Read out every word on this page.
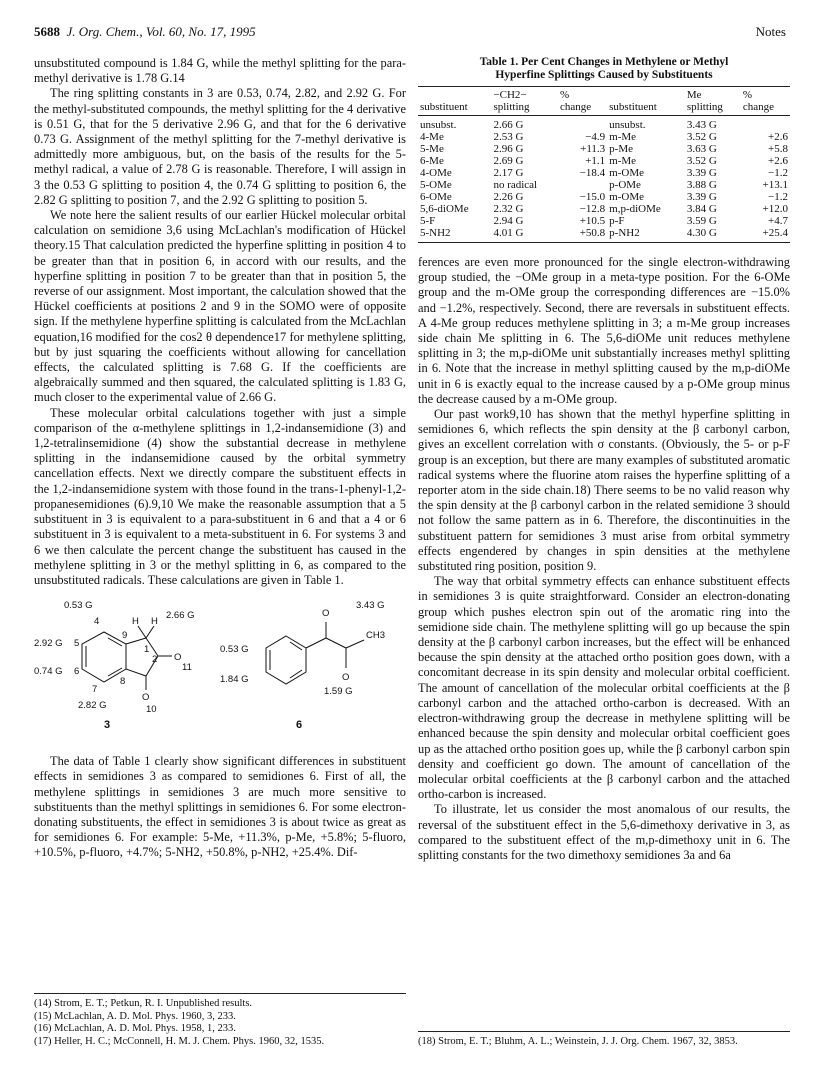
5688 J. Org. Chem., Vol. 60, No. 17, 1995	Notes

unsubstituted compound is 1.84 G, while the methyl splitting for the para-methyl derivative is 1.78 G.14

The ring splitting constants in 3 are 0.53, 0.74, 2.82, and 2.92 G. For the methyl-substituted compounds, the methyl splitting for the 4 derivative is 0.51 G, that for the 5 derivative 2.96 G, and that for the 6 derivative 0.73 G. Assignment of the methyl splitting for the 7-methyl derivative is admittedly more ambiguous, but, on the basis of the results for the 5-methyl radical, a value of 2.78 G is reasonable. Therefore, I will assign in 3 the 0.53 G splitting to position 4, the 0.74 G splitting to position 6, the 2.82 G splitting to position 7, and the 2.92 G splitting to position 5.

We note here the salient results of our earlier Hückel molecular orbital calculation on semidione 3,6 using McLachlan's modification of Hückel theory.15 That calculation predicted the hyperfine splitting in position 4 to be greater than that in position 6, in accord with our results, and the hyperfine splitting in position 7 to be greater than that in position 5, the reverse of our assignment. Most important, the calculation showed that the Hückel coefficients at positions 2 and 9 in the SOMO were of opposite sign. If the methylene hyperfine splitting is calculated from the McLachlan equation,16 modified for the cos2 θ dependence17 for methylene splitting, but by just squaring the coefficients without allowing for cancellation effects, the calculated splitting is 7.68 G. If the coefficients are algebraically summed and then squared, the calculated splitting is 1.83 G, much closer to the experimental value of 2.66 G.

These molecular orbital calculations together with just a simple comparison of the α-methylene splittings in 1,2-indansemidione (3) and 1,2-tetralinsemidione (4) show the substantial decrease in methylene splitting in the indansemidione caused by the orbital symmetry cancellation effects. Next we directly compare the substituent effects in the 1,2-indansemidione system with those found in the trans-1-phenyl-1,2-propanesemidiones (6).9,10 We make the reasonable assumption that a 5 substituent in 3 is equivalent to a para-substituent in 6 and that a 4 or 6 substituent in 3 is equivalent to a meta-substituent in 6. For systems 3 and 6 we then calculate the percent change the substituent has caused in the methylene splitting in 3 or the methyl splitting in 6, as compared to the unsubstituted radicals. These calculations are given in Table 1.

0.53 G
4
2.66 G
H H
2.92 G 5
9
1
2 O
11
0.74 G 6
7
8
O
10
2.82 G
3
O
3.43 G
CH3
0.53 G
1.84 G	O
1.59 G
6

The data of Table 1 clearly show significant differences in substituent effects in semidiones 3 as compared to semidiones 6. First of all, the methylene splittings in semidiones 3 are much more sensitive to substituents than the methyl splittings in semidiones 6. For some electron-donating substituents, the effect in semidiones 3 is about twice as great as for semidiones 6. For example: 5-Me, +11.3%, p-Me, +5.8%; 5-fluoro, +10.5%, p-fluoro, +4.7%; 5-NH2, +50.8%, p-NH2, +25.4%. Dif-

Table 1. Per Cent Changes in Methylene or Methyl
Hyperfine Splittings Caused by Substituents
	−CH2−	%		Me	%
substituent	splitting	change	substituent	splitting	change
unsubst.	2.66 G		unsubst.	3.43 G	
4-Me	2.53 G	−4.9	m-Me	3.52 G	+2.6
5-Me	2.96 G	+11.3	p-Me	3.63 G	+5.8
6-Me	2.69 G	+1.1	m-Me	3.52 G	+2.6
4-OMe	2.17 G	−18.4	m-OMe	3.39 G	−1.2
5-OMe	no radical		p-OMe	3.88 G	+13.1
6-OMe	2.26 G	−15.0	m-OMe	3.39 G	−1.2
5,6-diOMe	2.32 G	−12.8	m,p-diOMe	3.84 G	+12.0
5-F	2.94 G	+10.5	p-F	3.59 G	+4.7
5-NH2	4.01 G	+50.8	p-NH2	4.30 G	+25.4

ferences are even more pronounced for the single electron-withdrawing group studied, the −OMe group in a meta-type position. For the 6-OMe group and the m-OMe group the corresponding differences are −15.0% and −1.2%, respectively. Second, there are reversals in substituent effects. A 4-Me group reduces methylene splitting in 3; a m-Me group increases side chain Me splitting in 6. The 5,6-diOMe unit reduces methylene splitting in 3; the m,p-diOMe unit substantially increases methyl splitting in 6. Note that the increase in methyl splitting caused by the m,p-diOMe unit in 6 is exactly equal to the increase caused by a p-OMe group minus the decrease caused by a m-OMe group.

Our past work9,10 has shown that the methyl hyperfine splitting in semidiones 6, which reflects the spin density at the β carbonyl carbon, gives an excellent correlation with σ constants. (Obviously, the 5- or p-F group is an exception, but there are many examples of substituted aromatic radical systems where the fluorine atom raises the hyperfine splitting of a reporter atom in the side chain.18) There seems to be no valid reason why the spin density at the β carbonyl carbon in the related semidione 3 should not follow the same pattern as in 6. Therefore, the discontinuities in the substituent pattern for semidiones 3 must arise from orbital symmetry effects engendered by changes in spin densities at the methylene substituted ring position, position 9.

The way that orbital symmetry effects can enhance substituent effects in semidiones 3 is quite straightforward. Consider an electron-donating group which pushes electron spin out of the aromatic ring into the semidione side chain. The methylene splitting will go up because the spin density at the β carbonyl carbon increases, but the effect will be enhanced because the spin density at the attached ortho position goes down, with a concomitant decrease in its spin density and molecular orbital coefficient. The amount of cancellation of the molecular orbital coefficients at the β carbonyl carbon and the attached ortho-carbon is decreased. With an electron-withdrawing group the decrease in methylene splitting will be enhanced because the spin density and molecular orbital coefficient goes up as the attached ortho position goes up, while the β carbonyl carbon spin density and coefficient go down. The amount of cancellation of the molecular orbital coefficients at the β carbonyl carbon and the attached ortho-carbon is increased.

To illustrate, let us consider the most anomalous of our results, the reversal of the substituent effect in the 5,6-dimethoxy derivative in 3, as compared to the substituent effect of the m,p-dimethoxy unit in 6. The splitting constants for the two dimethoxy semidiones 3a and 6a

(14) Strom, E. T.; Petkun, R. I. Unpublished results.
(15) McLachlan, A. D. Mol. Phys. 1960, 3, 233.
(16) McLachlan, A. D. Mol. Phys. 1958, 1, 233.
(17) Heller, H. C.; McConnell, H. M. J. Chem. Phys. 1960, 32, 1535.	(18) Strom, E. T.; Bluhm, A. L.; Weinstein, J. J. Org. Chem. 1967, 32, 3853.
